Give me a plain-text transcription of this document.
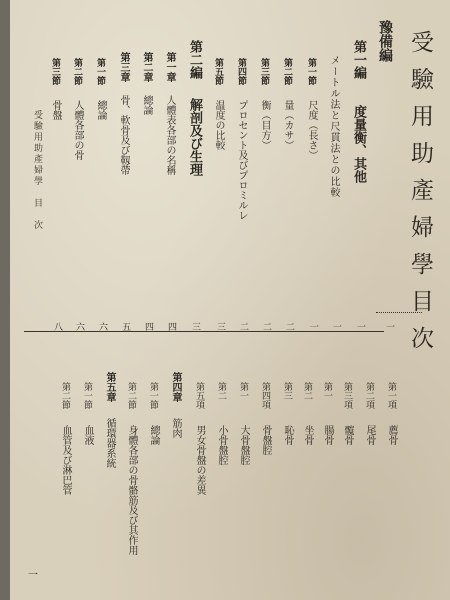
受驗用助產婦學　目　次	受驗用助產婦學目次
豫備編
第一編
度量衡、其他
メートル法と尺貫法との比較
第一節
尺度（長さ）
第二節
量（カサ）
第三節
衡（目方）
第四節
プロセント及びプロミルレ
第五節
温度の比較
第二編
解剖及び生理
第一章
人體表各部の名稱
第二章
總論
第三章
骨、軟骨及び靱帶
第一節
總論
第二節
人體各部の骨
第三節
骨盤
一
一
一
一
二
二
二
三
三
四
四
五
六
六
八
第一項
薦骨
第二項
尾骨
第三項
髖骨
第一
腸骨
第二
坐骨
第三
恥骨
第四項
骨盤腔
第一
大骨盤腔
第二
小骨盤腔
第五項
男女骨盤の差異
第四章
筋肉
第一節
總論
第二節
身體各部の骨骼筋及び其作用
第五章
循環器系統
第一節
血液
第二節
血管及び淋巴管
一
